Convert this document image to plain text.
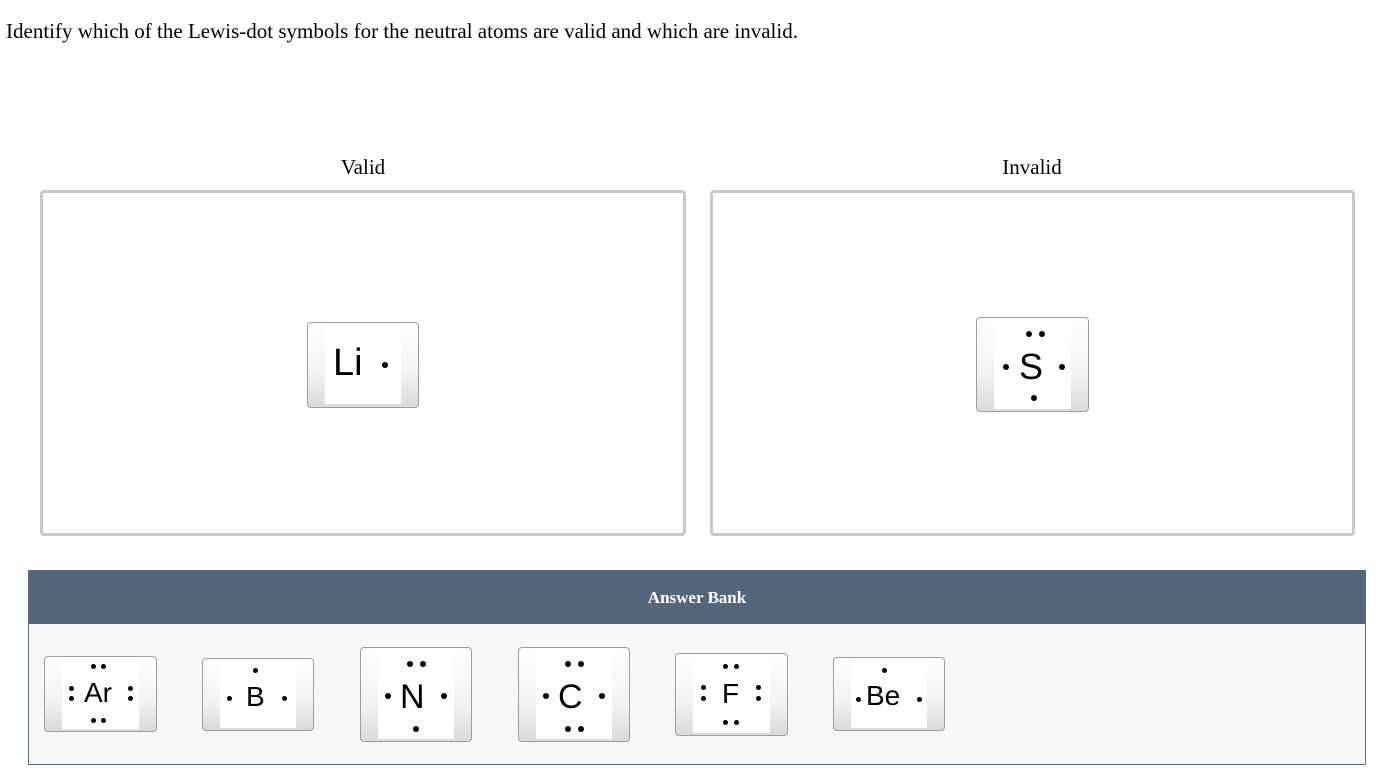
Identify which of the Lewis-dot symbols for the neutral atoms are valid and which are invalid.
Valid	Invalid
Li	S
Answer Bank
Ar	B	N	C	F	Be
